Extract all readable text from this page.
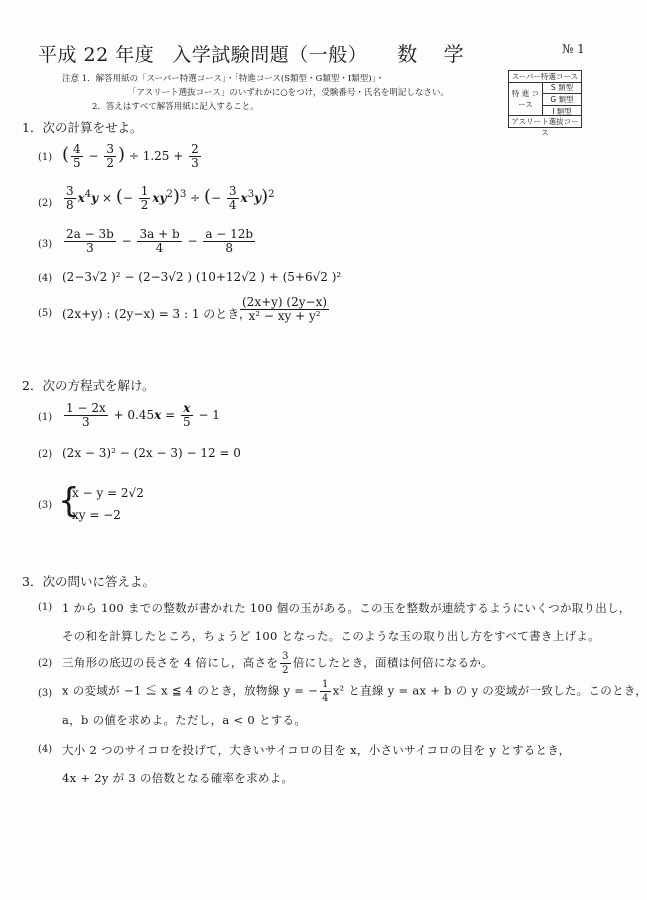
平成 22 年度 入学試験問題（一般） 数 学	№ 1
注意 1．解答用紙の「スーパー特選コース」・「特進コース(S類型・G類型・I類型)」・
「アスリート選抜コース」のいずれかに○をつけ，受験番号・氏名を明記しなさい。
2．答えはすべて解答用紙に記入すること。
スーパー特選コース
特 進 コース
S 類型
G 類型
I 類型
アスリート選抜コース
1．次の計算をせよ。
(1) ( $\frac{4}{5} - \frac{3}{2}$ ) ÷ $1.25 + \frac{2}{3}$
$(2) \frac{3}{8} x^4y$ × (− $\frac{1}{2} xy^2)^3$ ÷ (− $\frac{3}{4} x^3y)^2$
$(3) \frac{2a - 3b}{3} - \frac{3a + b}{4} - \frac{a - 12b}{8}$
(4) (2−3√2 )² − (2−3√2 ) (10+12√2 ) + (5+6√2 )²
(5) (2x+y) : (2y−x) = 3 : 1 のとき，
$\frac{(2x+y) (2y-x)}{\text{x² − xy + y²}}$
2．次の方程式を解け。
$(1) \frac{1 - 2x}{3} + 0.45x = \frac{x}{5} - 1$
(2) (2x − 3)² − (2x − 3) − 12 = 0
(3) {
x − y = 2√2
xy = −2
3．次の問いに答えよ。
(1) 1 から 100 までの整数が書かれた 100 個の玉がある。この玉を整数が連続するようにいくつか取り出し，
その和を計算したところ，ちょうど 100 となった。このような玉の取り出し方をすべて書き上げよ。
(2) 三角形の底辺の長さを 4 倍にし，高さを $\frac{3}{2}$ 倍にしたとき，面積は何倍になるか。
(3) x の変域が −1 ≦ x ≦ 4 のとき，放物線 y = − $\frac{1}{4} x^2$ と直線 y = ax + b の y の変域が一致した。このとき，
a，b の値を求めよ。ただし，a < 0 とする。
(4) 大小 2 つのサイコロを投げて，大きいサイコロの目を x，小さいサイコロの目を y とするとき，
4x + 2y が 3 の倍数となる確率を求めよ。
